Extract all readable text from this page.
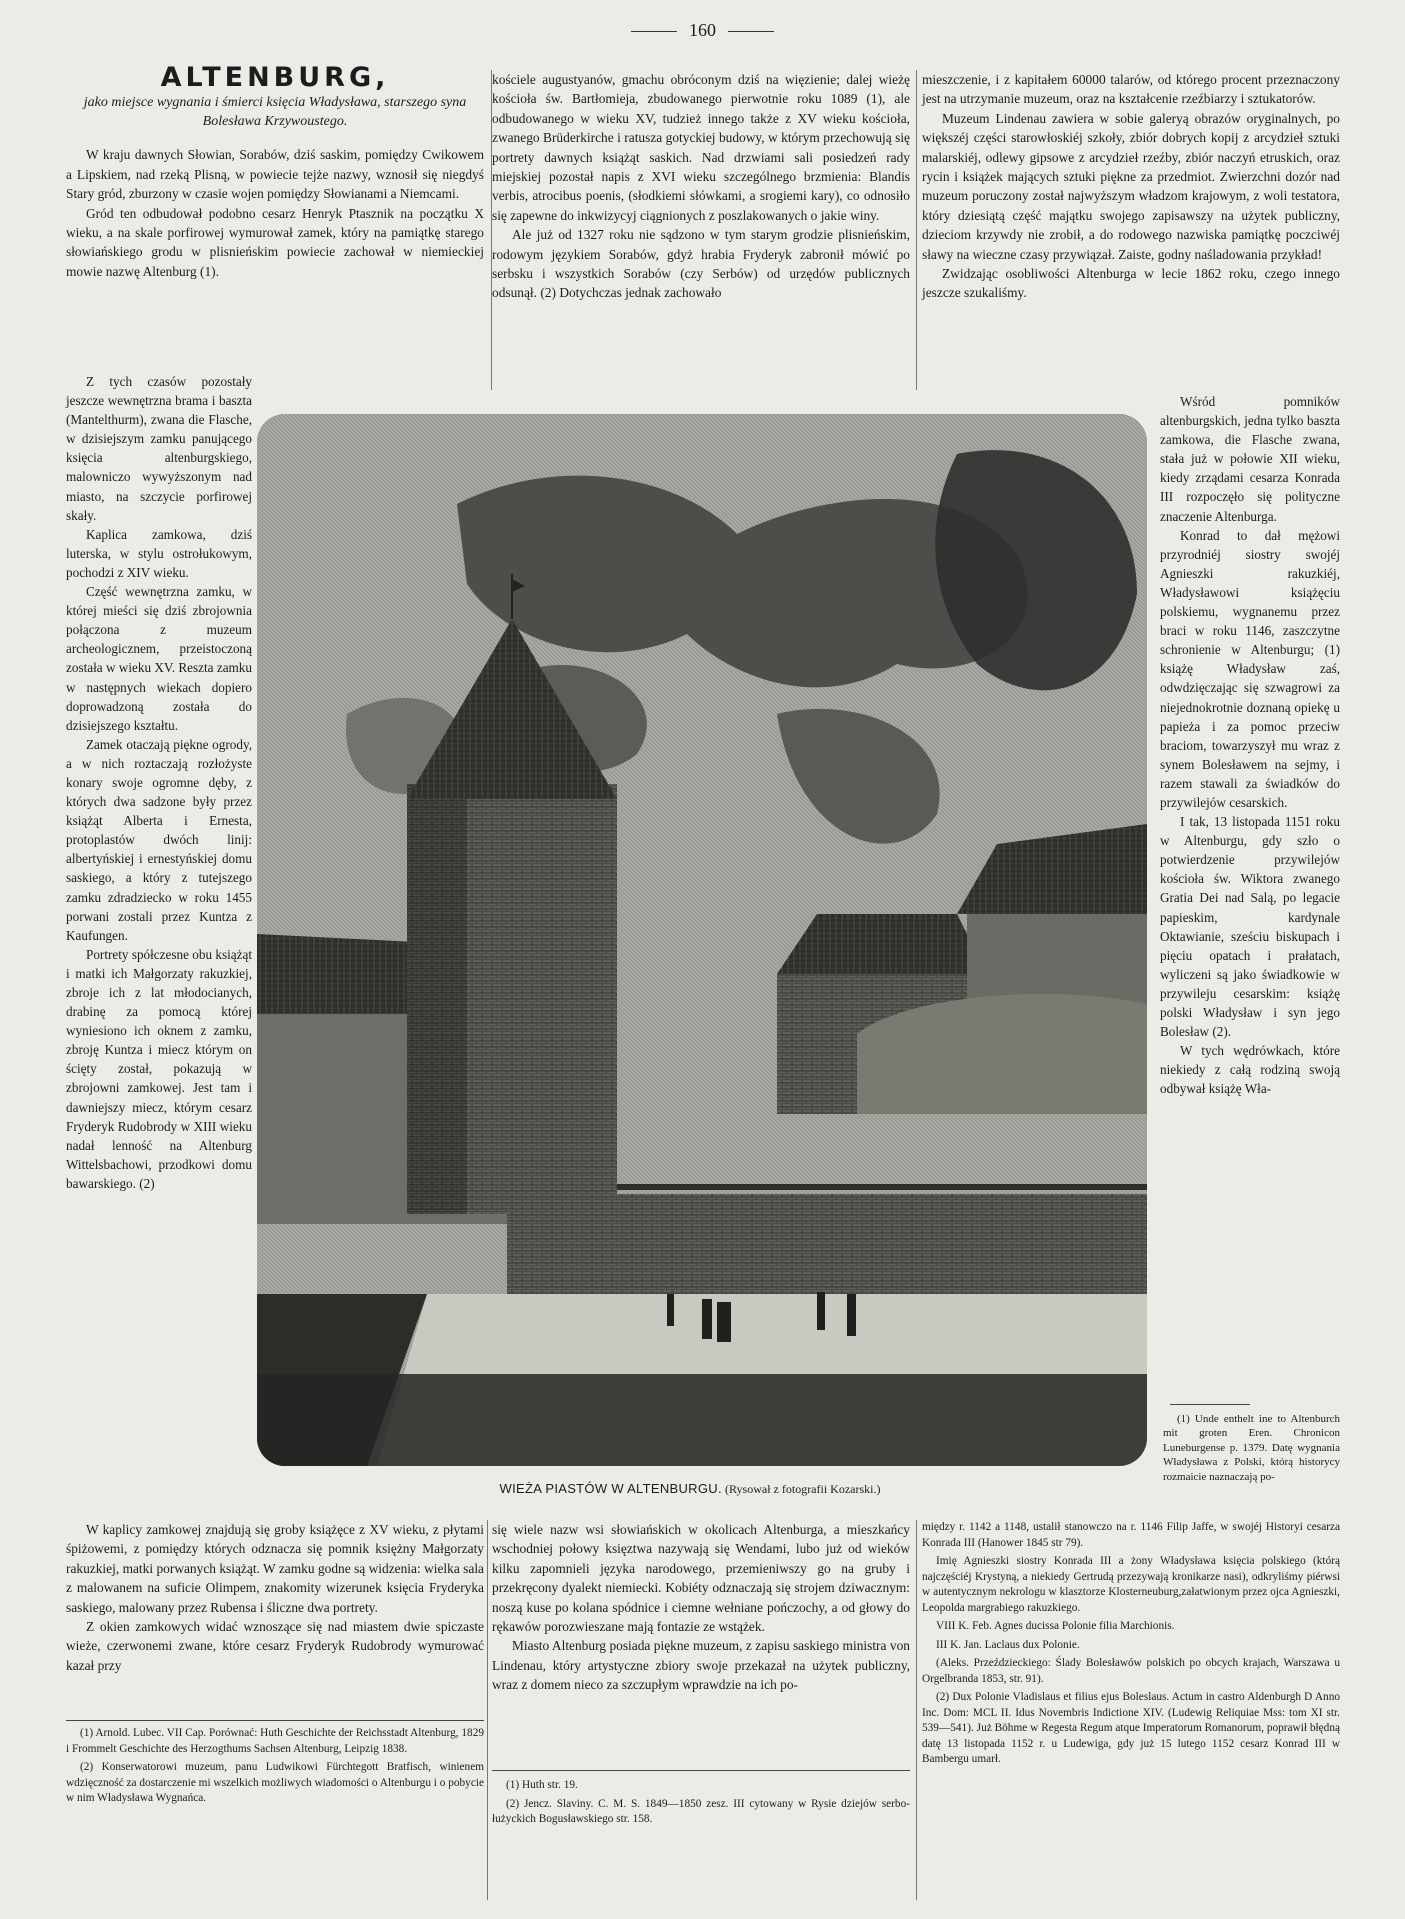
160
ALTENBURG,
jako miejsce wygnania i śmierci księcia Władysława, starszego syna Bolesława Krzywoustego.

W kraju dawnych Słowian, Sorabów, dziś saskim, pomiędzy Cwikowem a Lipskiem, nad rzeką Plisną, w powiecie tejże nazwy, wznosił się niegdyś Stary gród, zburzony w czasie wojen pomiędzy Słowianami a Niemcami.

Gród ten odbudował podobno cesarz Henryk Ptasznik na początku X wieku, a na skale porfirowej wymurował zamek, który na pamiątkę starego słowiańskiego grodu w plisnieńskim powiecie zachował w niemieckiej mowie nazwę Altenburg (1).

Z tych czasów pozostały jeszcze wewnętrzna brama i baszta (Mantelthurm), zwana die Flasche, w dzisiejszym zamku panującego księcia altenburgskiego, malowniczo wywyższonym nad miasto, na szczycie porfirowej skały.

Kaplica zamkowa, dziś luterska, w stylu ostrołukowym, pochodzi z XIV wieku.

Część wewnętrzna zamku, w której mieści się dziś zbrojownia połączona z muzeum archeologicznem, przeistoczoną została w wieku XV. Reszta zamku w następnych wiekach dopiero doprowadzoną została do dzisiejszego kształtu.

Zamek otaczają piękne ogrody, a w nich roztaczają rozłożyste konary swoje ogromne dęby, z których dwa sadzone były przez książąt Alberta i Ernesta, protoplastów dwóch linij: albertyńskiej i ernestyńskiej domu saskiego, a który z tutejszego zamku zdradziecko w roku 1455 porwani zostali przez Kuntza z Kaufungen.

Portrety spółczesne obu książąt i matki ich Małgorzaty rakuzkiej, zbroje ich z lat młodocianych, drabinę za pomocą której wyniesiono ich oknem z zamku, zbroję Kuntza i miecz którym on ścięty został, pokazują w zbrojowni zamkowej. Jest tam i dawniejszy miecz, którym cesarz Fryderyk Rudobrody w XIII wieku nadał lenność na Altenburg Wittelsbachowi, przodkowi domu bawarskiego. (2)

W kaplicy zamkowej znajdują się groby książęce z XV wieku, z płytami śpiżowemi, z pomiędzy których odznacza się pomnik księżny Małgorzaty rakuzkiej, matki porwanych książąt. W zamku godne są widzenia: wielka sala z malowanem na suficie Olimpem, znakomity wizerunek księcia Fryderyka saskiego, malowany przez Rubensa i śliczne dwa portrety.

Z okien zamkowych widać wznoszące się nad miastem dwie spiczaste wieże, czerwonemi zwane, które cesarz Fryderyk Rudobrody wymurować kazał przy

kościele augustyanów, gmachu obróconym dziś na więzienie; dalej wieżę kościoła św. Bartłomieja, zbudowanego pierwotnie roku 1089 (1), ale odbudowanego w wieku XV, tudzież innego także z XV wieku kościoła, zwanego Brüderkirche i ratusza gotyckiej budowy, w którym przechowują się portrety dawnych książąt saskich. Nad drzwiami sali posiedzeń rady miejskiej pozostał napis z XVI wieku szczególnego brzmienia: Blandis verbis, atrocibus poenis, (słodkiemi słówkami, a srogiemi kary), co odnosiło się zapewne do inkwizycyj ciągnionych z poszlakowanych o jakie winy.

Ale już od 1327 roku nie sądzono w tym starym grodzie plisnieńskim, rodowym językiem Sorabów, gdyż hrabia Fryderyk zabronił mówić po serbsku i wszystkich Sorabów (czy Serbów) od urzędów publicznych odsunął. (2) Dotychczas jednak zachowało

mieszczenie, i z kapitałem 60000 talarów, od którego procent przeznaczony jest na utrzymanie muzeum, oraz na kształcenie rzeźbiarzy i sztukatorów.

Muzeum Lindenau zawiera w sobie galeryą obrazów oryginalnych, po większéj części starowłoskiéj szkoły, zbiór dobrych kopij z arcydzieł sztuki malarskiéj, odlewy gipsowe z arcydzieł rzeźby, zbiór naczyń etruskich, oraz rycin i książek mających sztuki piękne za przedmiot. Zwierzchni dozór nad muzeum poruczony został najwyższym władzom krajowym, z woli testatora, który dziesiątą część majątku swojego zapisawszy na użytek publiczny, dzieciom krzywdy nie zrobił, a do rodowego nazwiska pamiątkę poczciwéj sławy na wieczne czasy przywiązał. Zaiste, godny naśladowania przykład!

Zwidzając osobliwości Altenburga w lecie 1862 roku, czego innego jeszcze szukaliśmy.

Wśród pomników altenburgskich, jedna tylko baszta zamkowa, die Flasche zwana, stała już w połowie XII wieku, kiedy zrządami cesarza Konrada III rozpoczęło się polityczne znaczenie Altenburga.

Konrad to dał mężowi przyrodniéj siostry swojéj Agnieszki rakuzkiéj, Władysławowi książęciu polskiemu, wygnanemu przez braci w roku 1146, zaszczytne schronienie w Altenburgu; (1) książę Władysław zaś, odwdzięczając się szwagrowi za niejednokrotnie doznaną opiekę u papieża i za pomoc przeciw braciom, towarzyszył mu wraz z synem Bolesławem na sejmy, i razem stawali za świadków do przywilejów cesarskich.

I tak, 13 listopada 1151 roku w Altenburgu, gdy szło o potwierdzenie przywilejów kościoła św. Wiktora zwanego Gratia Dei nad Salą, po legacie papieskim, kardynale Oktawianie, sześciu biskupach i pięciu opatach i prałatach, wyliczeni są jako świadkowie w przywileju cesarskim: książę polski Władysław i syn jego Bolesław (2).

W tych wędrówkach, które niekiedy z całą rodziną swoją odbywał książę Wła-

(1) Unde enthelt ine to Altenburch mit groten Eren. Chronicon Luneburgense p. 1379. Datę wygnania Władysława z Polski, którą historycy rozmaicie naznaczają po-

WIEŻA PIASTÓW W ALTENBURGU. (Rysował z fotografii Kozarski.)

się wiele nazw wsi słowiańskich w okolicach Altenburga, a mieszkańcy wschodniej połowy księztwa nazywają się Wendami, lubo już od wieków kilku zapomnieli języka narodowego, przemieniwszy go na gruby i przekręcony dyalekt niemiecki. Kobiéty odznaczają się strojem dziwacznym: noszą kuse po kolana spódnice i ciemne wełniane pończochy, a od głowy do rękawów porozwieszane mają fontazie ze wstążek.

Miasto Altenburg posiada piękne muzeum, z zapisu saskiego ministra von Lindenau, który artystyczne zbiory swoje przekazał na użytek publiczny, wraz z domem nieco za szczupłym wprawdzie na ich po-

między r. 1142 a 1148, ustalił stanowczo na r. 1146 Filip Jaffe, w swojéj Historyi cesarza Konrada III (Hanower 1845 str 79).

Imię Agnieszki siostry Konrada III a żony Władysława księcia polskiego (którą najczęściéj Krystyną, a niekiedy Gertrudą przezywają kronikarze nasi), odkryliśmy piérwsi w autentycznym nekrologu w klasztorze Klosterneuburg,załatwionym przez ojca Agnieszki, Leopolda margrabiego rakuzkiego.

VIII K. Feb. Agnes ducissa Polonie filia Marchionis.

III K. Jan. Laclaus dux Polonie.

(Aleks. Przeździeckiego: Ślady Bolesławów polskich po obcych krajach, Warszawa u Orgelbranda 1853, str. 91).

(2) Dux Polonie Vladislaus et filius ejus Boleslaus. Actum in castro Aldenburgh D Anno Inc. Dom: MCL II. Idus Novembris Indictione XIV. (Ludewig Reliquiae Mss: tom XI str. 539—541). Już Böhme w Regesta Regum atque Imperatorum Romanorum, poprawił błędną datę 13 listopada 1152 r. u Ludewiga, gdy już 15 lutego 1152 cesarz Konrad III w Bambergu umarł.

(1) Arnold. Lubec. VII Cap. Porównać: Huth Geschichte der Reichsstadt Altenburg, 1829 i Frommelt Geschichte des Herzogthums Sachsen Altenburg, Leipzig 1838.

(2) Konserwatorowi muzeum, panu Ludwikowi Fürchtegott Bratfisch, winienem wdzięczność za dostarczenie mi wszelkich możliwych wiadomości o Altenburgu i o pobycie w nim Władysława Wygnańca.

(1) Huth str. 19.

(2) Jencz. Slaviny. C. M. S. 1849—1850 zesz. III cytowany w Rysie dziejów serbo-łużyckich Bogusławskiego str. 158.
